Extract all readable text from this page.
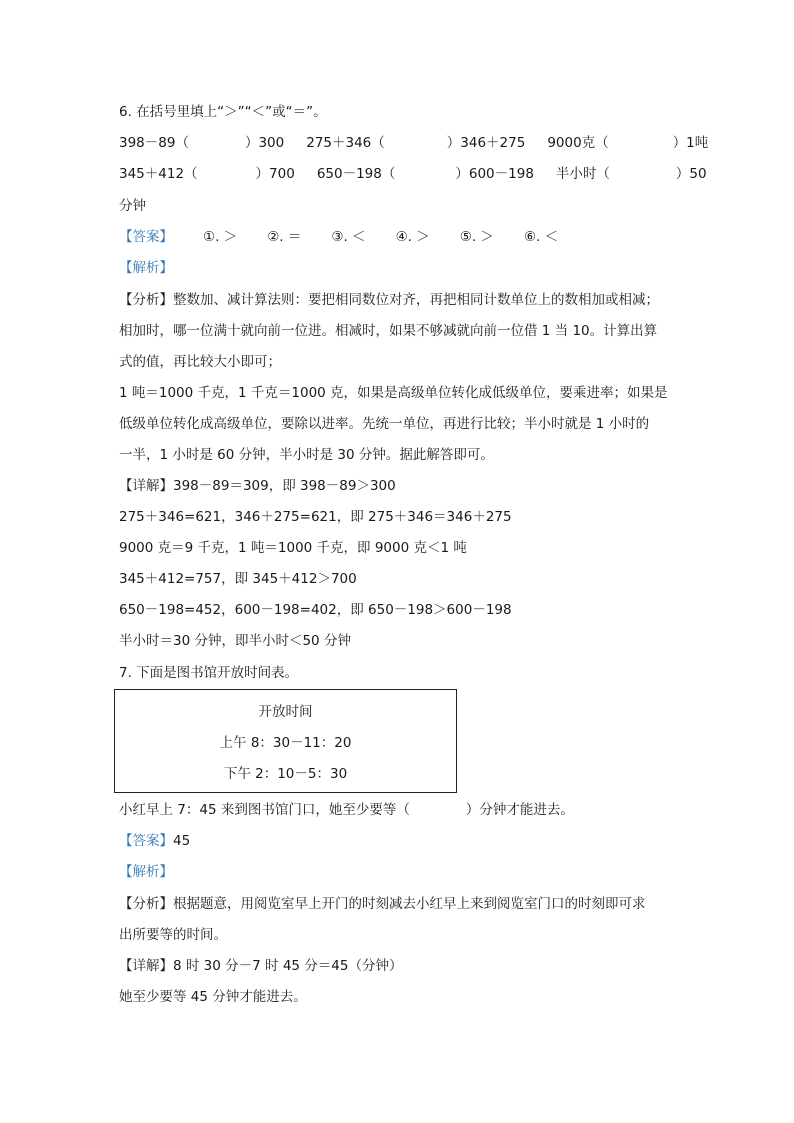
6. 在括号里填上“＞”“＜”或“＝”。
398－89（	）300 275＋346（	）346＋275 9000克（	）1吨
345＋412（	）700 650－198（	）600－198 半小时（	）50
分钟
【答案】 ①. ＞ ②. ＝ ③. ＜ ④. ＞ ⑤. ＞ ⑥. ＜
【解析】
【分析】整数加、减计算法则：要把相同数位对齐，再把相同计数单位上的数相加或相减；
相加时，哪一位满十就向前一位进。相减时，如果不够减就向前一位借 1 当 10。计算出算
式的值，再比较大小即可；
1 吨＝1000 千克，1 千克＝1000 克，如果是高级单位转化成低级单位，要乘进率；如果是
低级单位转化成高级单位，要除以进率。先统一单位，再进行比较；半小时就是 1 小时的
一半，1 小时是 60 分钟，半小时是 30 分钟。据此解答即可。
【详解】398－89＝309，即 398－89＞300
275＋346=621，346＋275=621，即 275＋346＝346＋275
9000 克＝9 千克，1 吨＝1000 千克，即 9000 克＜1 吨
345＋412=757，即 345＋412＞700
650－198=452，600－198=402，即 650－198＞600－198
半小时＝30 分钟，即半小时＜50 分钟
7. 下面是图书馆开放时间表。
开放时间
上午 8：30－11：20
下午 2：10－5：30
小红早上 7：45 来到图书馆门口，她至少要等（	）分钟才能进去。
【答案】45
【解析】
【分析】根据题意，用阅览室早上开门的时刻减去小红早上来到阅览室门口的时刻即可求
出所要等的时间。
【详解】8 时 30 分－7 时 45 分＝45（分钟）
她至少要等 45 分钟才能进去。
